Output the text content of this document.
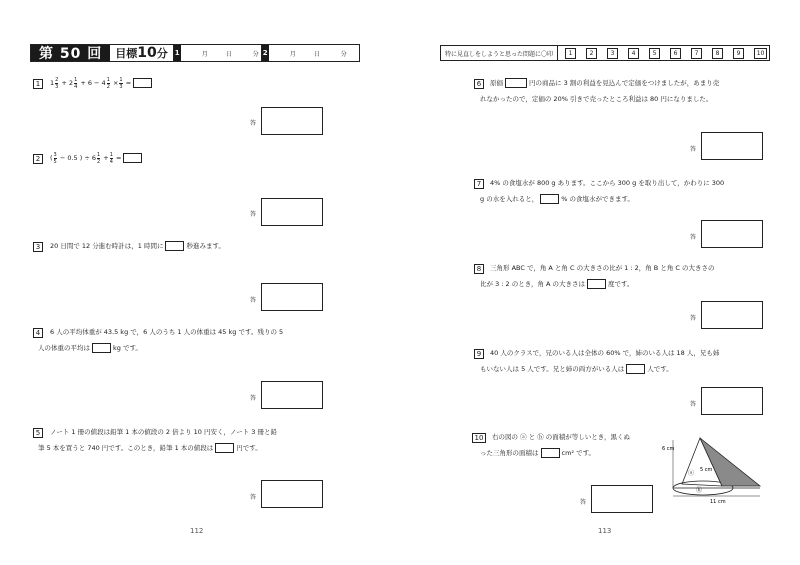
第 50 回	目標 10 分 1	月	日	分 2	月	日	分
1	$1 \frac{2}{3} + 2 \frac{1}{4} + 6 - 4 \frac{1}{2} \times \frac{1}{3}$ =
答
2	( $\frac{3}{5} - 0.5$ ) ÷ $6 \frac{1}{2} + \frac{1}{4}$ =
答
3	20 日間で 12 分進む時計は，1 時間に	秒進みます。
答
4	6 人の平均体重が 43.5 kg で，6 人のうち 1 人の体重は 45 kg です。残りの 5
人の体重の平均は	kg です。
答
5	ノート 1 冊の値段は鉛筆 1 本の値段の 2 倍より 10 円安く，ノート 3 冊と鉛
筆 5 本を買うと 740 円です。このとき，鉛筆 1 本の値段は	円です。
答
112
特に見直しをしようと思った問題に〇印	1	2	3	4	5	6	7	8	9	10
6	原価	円の商品に 3 割の利益を見込んで定価をつけましたが，あまり売
れなかったので，定価の 20% 引きで売ったところ利益は 80 円になりました。
答
7	4% の食塩水が 800 g あります。ここから 300 g を取り出して，かわりに 300
g の水を入れると，	% の食塩水ができます。
答
8	三角形 ABC で，角 A と角 C の大きさの比が 1 : 2，角 B と角 C の大きさの
比が 3 : 2 のとき，角 A の大きさは	度です。
答
9	40 人のクラスで，兄のいる人は全体の 60% で，姉のいる人は 18 人，兄も姉
もいない人は 5 人です。兄と姉の両方がいる人は	人です。
答
10	右の図の ⓐ と ⓑ の面積が等しいとき，黒くぬ
った三角形の面積は	cm² です。
答
6 cm
5 cm
11 cm
ⓐ
ⓑ
113
